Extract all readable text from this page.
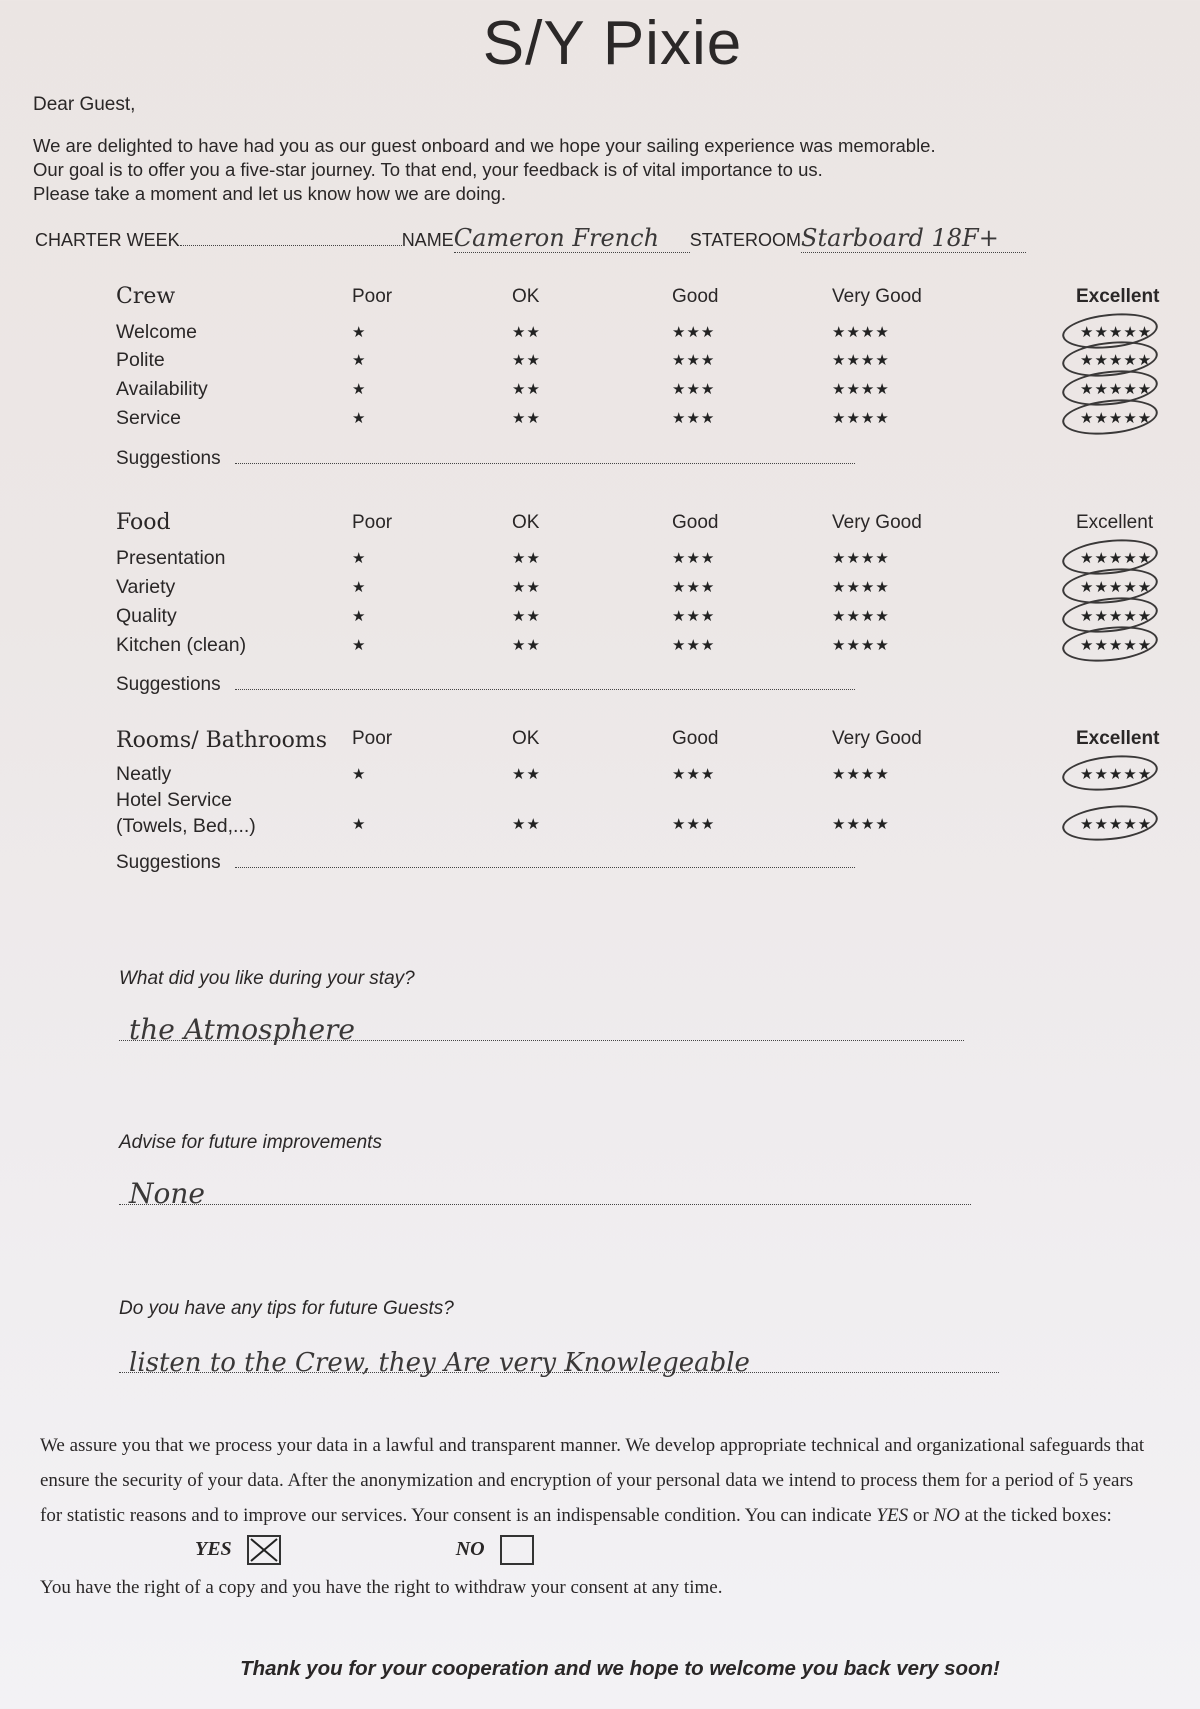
S/Y Pixie
Dear Guest,
We are delighted to have had you as our guest onboard and we hope your sailing experience was memorable.
Our goal is to offer you a five-star journey. To that end, your feedback is of vital importance to us.
Please take a moment and let us know how we are doing.
CHARTER WEEK	NAME Cameron French	STATEROOM Starboard 18F+
Crew	Poor	OK	Good	Very Good	Excellent
Welcome	★	★★	★★★	★★★★	★★★★★
Polite	★	★★	★★★	★★★★	★★★★★
Availability	★	★★	★★★	★★★★	★★★★★
Service	★	★★	★★★	★★★★	★★★★★
Suggestions
Food	Poor	OK	Good	Very Good	Excellent
Presentation	★	★★	★★★	★★★★	★★★★★
Variety	★	★★	★★★	★★★★	★★★★★
Quality	★	★★	★★★	★★★★	★★★★★
Kitchen (clean)	★	★★	★★★	★★★★	★★★★★
Suggestions
Rooms/ Bathrooms Poor	OK	Good	Very Good	Excellent
Neatly	★	★★	★★★	★★★★	★★★★★
Hotel Service
(Towels, Bed,...)	★	★★	★★★	★★★★	★★★★★
Suggestions
What did you like during your stay?
the Atmosphere
Advise for future improvements
None
Do you have any tips for future Guests?
listen to the Crew, they Are very Knowlegeable
We assure you that we process your data in a lawful and transparent manner. We develop appropriate technical and organizational safeguards that
ensure the security of your data. After the anonymization and encryption of your personal data we intend to process them for a period of 5 years
for statistic reasons and to improve our services. Your consent is an indispensable condition. You can indicate YES or NO at the ticked boxes:
YES	NO
You have the right of a copy and you have the right to withdraw your consent at any time.
Thank you for your cooperation and we hope to welcome you back very soon!
